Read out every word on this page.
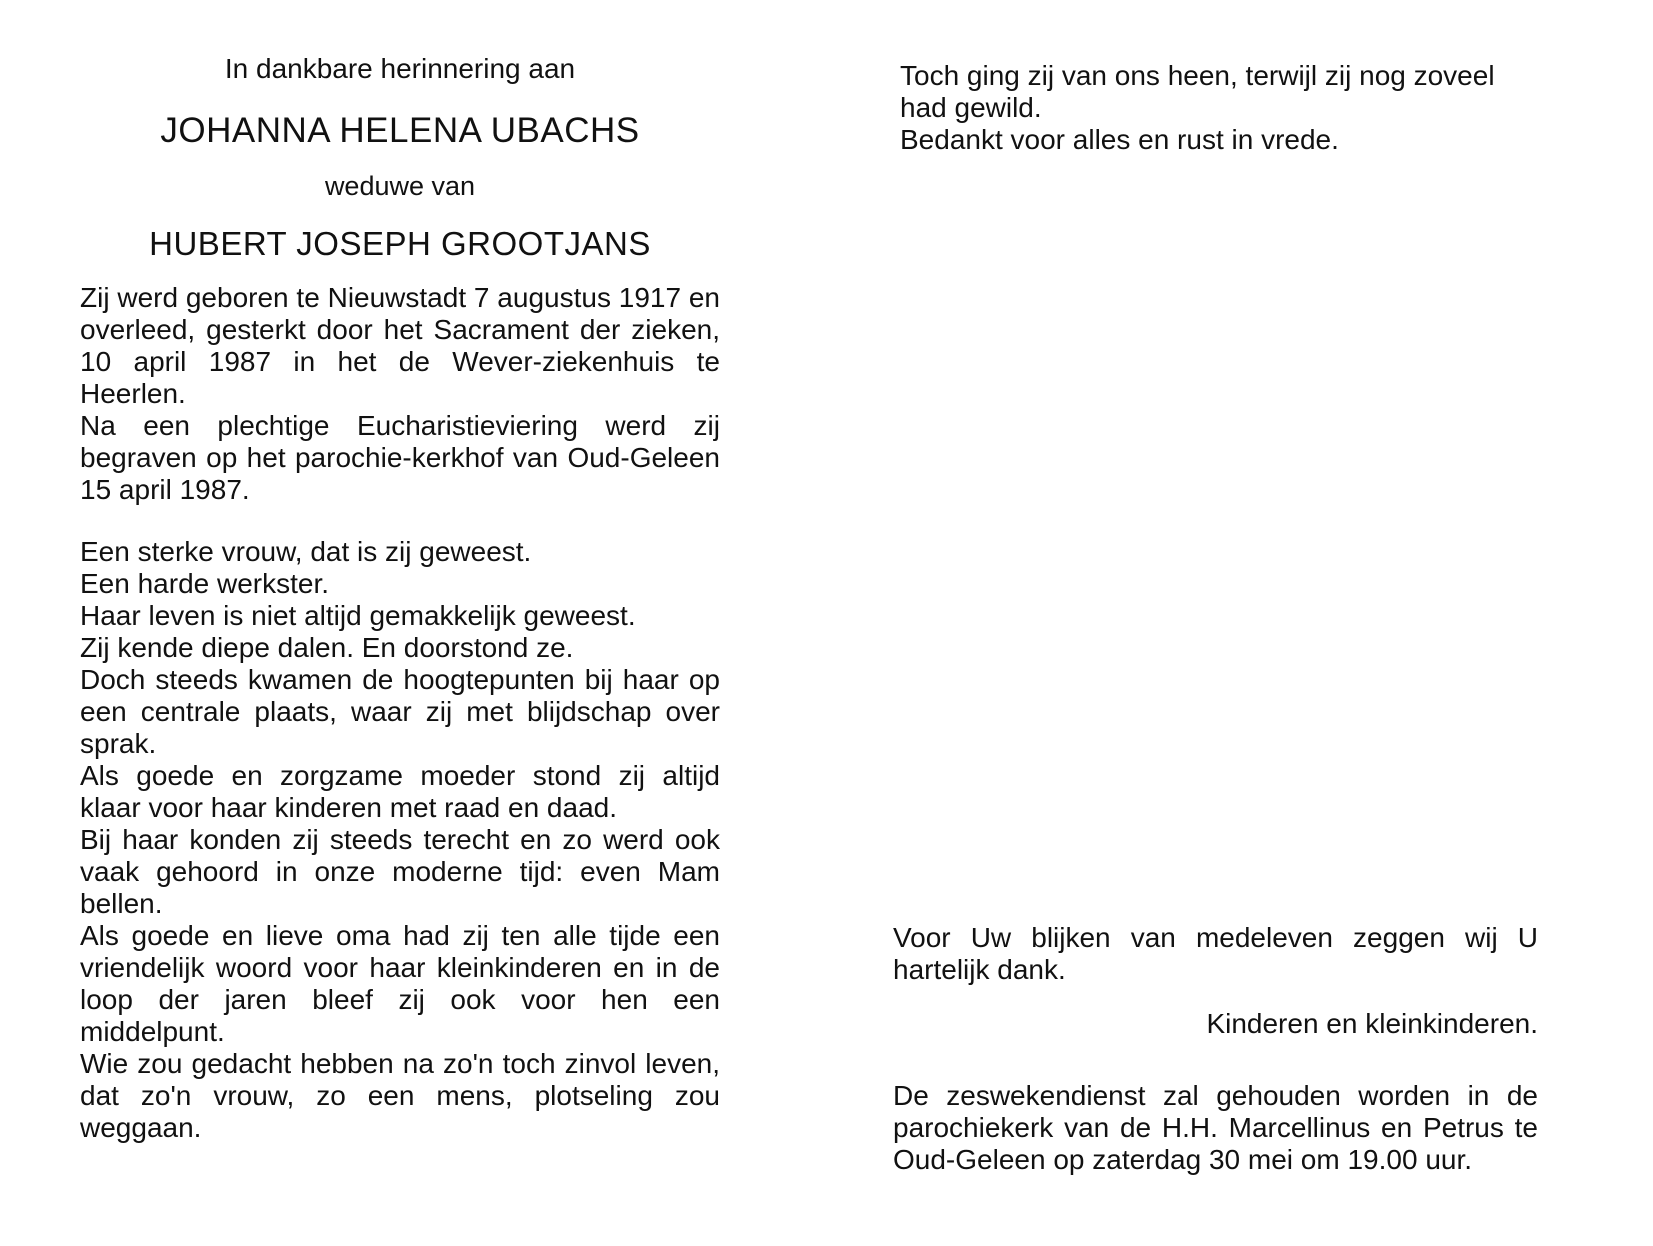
In dankbare herinnering aan

JOHANNA HELENA UBACHS

weduwe van

HUBERT JOSEPH GROOTJANS

Zij werd geboren te Nieuwstadt 7 augustus 1917 en overleed, gesterkt door het Sacrament der zieken, 10 april 1987 in het de Wever-ziekenhuis te Heerlen.

Na een plechtige Eucharistieviering werd zij begraven op het parochie-kerkhof van Oud-Geleen 15 april 1987.

Een sterke vrouw, dat is zij geweest.

Een harde werkster.

Haar leven is niet altijd gemakkelijk geweest.

Zij kende diepe dalen. En doorstond ze.

Doch steeds kwamen de hoogtepunten bij haar op een centrale plaats, waar zij met blijdschap over sprak.

Als goede en zorgzame moeder stond zij altijd klaar voor haar kinderen met raad en daad.

Bij haar konden zij steeds terecht en zo werd ook vaak gehoord in onze moderne tijd: even Mam bellen.

Als goede en lieve oma had zij ten alle tijde een vriendelijk woord voor haar kleinkinderen en in de loop der jaren bleef zij ook voor hen een middelpunt.

Wie zou gedacht hebben na zo'n toch zinvol leven, dat zo'n vrouw, zo een mens, plotseling zou weggaan.

Toch ging zij van ons heen, terwijl zij nog zoveel had gewild.

Bedankt voor alles en rust in vrede.

Voor Uw blijken van medeleven zeggen wij U hartelijk dank.

Kinderen en kleinkinderen.

De zeswekendienst zal gehouden worden in de parochiekerk van de H.H. Marcellinus en Petrus te Oud-Geleen op zaterdag 30 mei om 19.00 uur.
